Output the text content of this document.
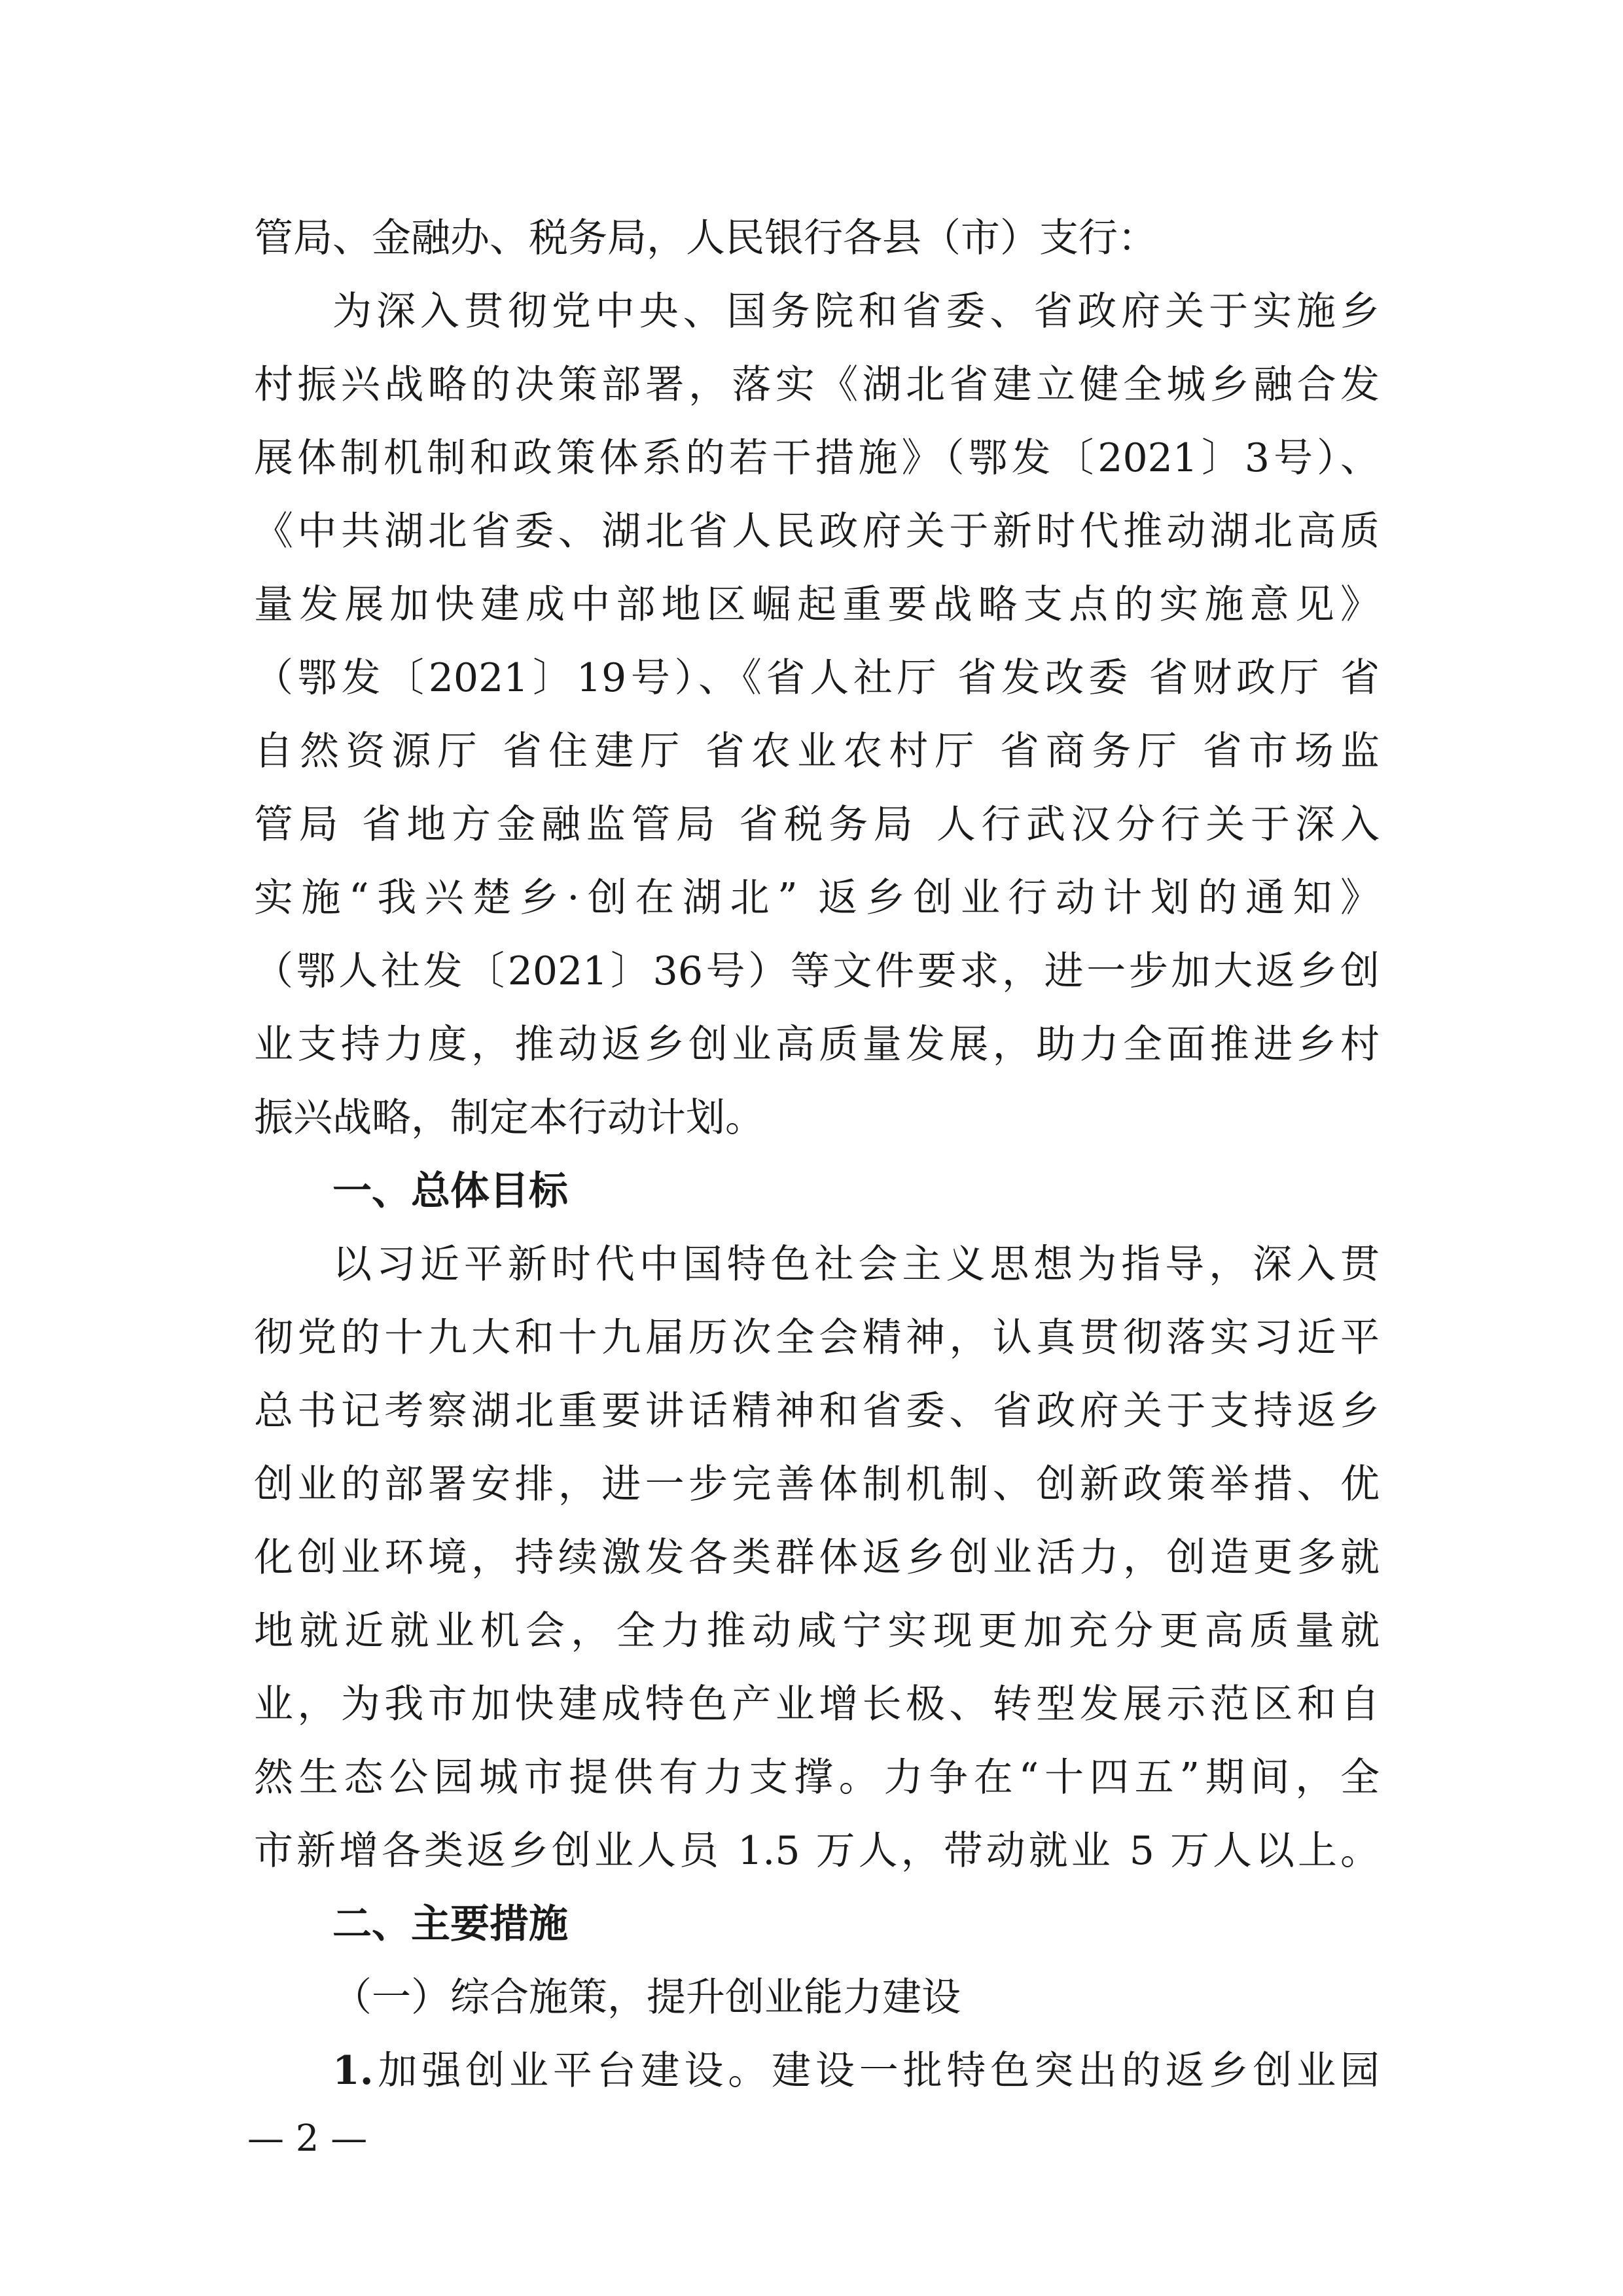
管局、金融办、税务局，人民银行各县（市）支行：
为深入贯彻党中央、国务院和省委、省政府关于实施乡
村振兴战略的决策部署，落实《湖北省建立健全城乡融合发
展体制机制和政策体系的若干措施》（鄂发〔2021〕3号）、
《中共湖北省委、湖北省人民政府关于新时代推动湖北高质
量发展加快建成中部地区崛起重要战略支点的实施意见》
（鄂发〔2021〕19号）、《省人社厅 省发改委 省财政厅 省
自然资源厅 省住建厅 省农业农村厅 省商务厅 省市场监
管局 省地方金融监管局 省税务局 人行武汉分行关于深入
实施“我兴楚乡·创在湖北” 返乡创业行动计划的通知》
（鄂人社发〔2021〕36号）等文件要求，进一步加大返乡创
业支持力度，推动返乡创业高质量发展，助力全面推进乡村
振兴战略，制定本行动计划。
一、总体目标
以习近平新时代中国特色社会主义思想为指导，深入贯
彻党的十九大和十九届历次全会精神，认真贯彻落实习近平
总书记考察湖北重要讲话精神和省委、省政府关于支持返乡
创业的部署安排，进一步完善体制机制、创新政策举措、优
化创业环境，持续激发各类群体返乡创业活力，创造更多就
地就近就业机会，全力推动咸宁实现更加充分更高质量就
业，为我市加快建成特色产业增长极、转型发展示范区和自
然生态公园城市提供有力支撑。力争在“十四五”期间，全
市新增各类返乡创业人员 1.5 万人，带动就业 5 万人以上。
二、主要措施
（一）综合施策，提升创业能力建设
1.加强创业平台建设。建设一批特色突出的返乡创业园
— 2 —
